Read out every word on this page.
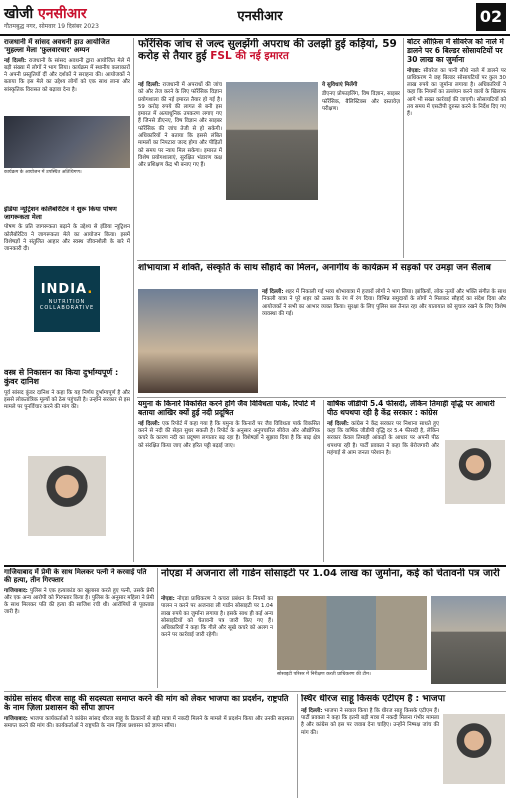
खोजी एनसीआर
गौतमबुद्ध नगर, सोमवार 19 दिसंबर 2023
एनसीआर	02
राजधानी में सांसद अवधनी हाउ आयोजित 'मुहल्ला मेला 'फ़ुलवारचार' अम्पन

नई दिल्ली: राजधानी के सांसद अवधनी द्वारा आयोजित मेले में बड़ी संख्या में लोगों ने भाग लिया। कार्यक्रम में स्थानीय कलाकारों ने अपनी प्रस्तुतियाँ दीं और दर्शकों ने सराहना की। आयोजकों ने बताया कि इस मेले का उद्देश्य लोगों को एक साथ लाना और सांस्कृतिक विरासत को बढ़ावा देना है।

कार्यक्रम के आयोजन में उपस्थित अतिथिगण।
इंडिया न्यूट्रिशन कोलैबोरेटिव ने शुरू किया पोषण जागरूकता मेला
पोषण के प्रति जागरूकता बढ़ाने के उद्देश्य से इंडिया न्यूट्रिशन कोलैबोरेटिव ने जागरूकता मेले का आयोजन किया। इसमें विशेषज्ञों ने संतुलित आहार और स्वस्थ जीवनशैली के बारे में जानकारी दी।
INDIA.
NUTRITION COLLABORATIVE
वस्त्र से निकासन का किया दुर्भाग्यपूर्ण : कुंवर दानिश
पूर्व सांसद कुंवर दानिश ने कहा कि यह निर्णय दुर्भाग्यपूर्ण है और इससे लोकतांत्रिक मूल्यों को ठेस पहुंचती है। उन्होंने सरकार से इस मामले पर पुनर्विचार करने की मांग की।
फॉरेंसिक जांच से जल्द सुलझेंगी अपराध की उलझी हुई कड़ियां, 59 करोड़ से तैयार हुई FSL की नई इमारत

नई दिल्ली: राजधानी में अपराधों की जांच को और तेज करने के लिए फॉरेंसिक विज्ञान प्रयोगशाला की नई इमारत तैयार हो गई है। 59 करोड़ रुपये की लागत से बनी इस इमारत में अत्याधुनिक उपकरण लगाए गए हैं जिनसे डीएनए, विष विज्ञान और साइबर फॉरेंसिक की जांच तेजी से हो सकेगी। अधिकारियों ने बताया कि इससे लंबित मामलों का निपटारा जल्द होगा और पीड़ितों को समय पर न्याय मिल सकेगा। इमारत में विशेष प्रयोगशालाएं, सुरक्षित भंडारण कक्ष और प्रशिक्षण केंद्र भी बनाए गए हैं।

ये सुविधाएं मिलेंगी

डीएनए प्रोफाइलिंग, विष विज्ञान, साइबर फॉरेंसिक, बैलिस्टिक्स और दस्तावेज़ परीक्षण।

बोटर ऑफ़िस में सीवरेज को नाले में डालने पर 6 बिल्डर सोसायटियों पर 30 लाख का जुर्माना

नोएडा: सीवरेज का पानी सीधे नाले में डालने पर प्राधिकरण ने छह बिल्डर सोसायटियों पर कुल 30 लाख रुपये का जुर्माना लगाया है। अधिकारियों ने कहा कि नियमों का उल्लंघन करने वालों के खिलाफ आगे भी सख्त कार्रवाई की जाएगी। सोसायटियों को तय समय में एसटीपी दुरुस्त करने के निर्देश दिए गए हैं।

शोभायात्रा में शक्ति, संस्कृति के साथ सौहार्द का मिलन, अनागीय के कार्यक्रम में सड़कों पर उमड़ा जन सैलाब

नई दिल्ली: शहर में निकाली गई भव्य शोभायात्रा में हजारों लोगों ने भाग लिया। झांकियों, लोक नृत्यों और भक्ति संगीत के साथ निकली यात्रा ने पूरे शहर को उत्सव के रंग में रंग दिया। विभिन्न समुदायों के लोगों ने मिलकर सौहार्द का संदेश दिया और आयोजकों ने सभी का आभार व्यक्त किया। सुरक्षा के लिए पुलिस बल तैनात रहा और यातायात को सुचारु रखने के लिए विशेष व्यवस्था की गई।

यमुना के किनारे विकसित करने होंगे जैव विविधता पार्क, रिपोर्ट में बताया आखिर क्यों हुई नदी प्रदूषित

नई दिल्ली: एक रिपोर्ट में कहा गया है कि यमुना के किनारों पर जैव विविधता पार्क विकसित करने से नदी की सेहत सुधर सकती है। रिपोर्ट के अनुसार अनुपचारित सीवेज और औद्योगिक कचरे के कारण नदी का प्रदूषण लगातार बढ़ रहा है। विशेषज्ञों ने सुझाव दिया है कि बाढ़ क्षेत्र को संरक्षित किया जाए और हरित पट्टी बढ़ाई जाए।

वार्षिक जीडीपी 5.4 फीसदी, लेकिन तिमाही वृद्धि पर आधारी पीठ थपथपा रही है केंद्र सरकार : कांग्रेस

नई दिल्ली: कांग्रेस ने केंद्र सरकार पर निशाना साधते हुए कहा कि वार्षिक जीडीपी वृद्धि दर 5.4 फीसदी है, लेकिन सरकार केवल तिमाही आंकड़ों के आधार पर अपनी पीठ थपथपा रही है। पार्टी प्रवक्ता ने कहा कि बेरोजगारी और महंगाई से आम जनता परेशान है।

गाजियाबाद में प्रेमी के साथ मिलकर पत्नी ने करवाई पति की हत्या, तीन गिरफ्तार

गाजियाबाद: पुलिस ने एक हत्याकांड का खुलासा करते हुए पत्नी, उसके प्रेमी और एक अन्य आरोपी को गिरफ्तार किया है। पुलिस के अनुसार महिला ने प्रेमी के साथ मिलकर पति की हत्या की साजिश रची थी। आरोपियों से पूछताछ जारी है।

नोएडा में अजनारा ली गार्डन सोसाइटी पर 1.04 लाख का जुर्माना, कई को चेतावनी पत्र जारी

नोएडा: नोएडा प्राधिकरण ने कचरा प्रबंधन के नियमों का पालन न करने पर अजनारा ली गार्डन सोसाइटी पर 1.04 लाख रुपये का जुर्माना लगाया है। इसके साथ ही कई अन्य सोसाइटियों को चेतावनी पत्र जारी किए गए हैं। अधिकारियों ने कहा कि गीले और सूखे कचरे को अलग न करने पर कार्रवाई जारी रहेगी।

सोसाइटी परिसर में निरीक्षण करती प्राधिकरण की टीम।
कांग्रेस सांसद धीरज साहू की सदस्यता समाप्त करने की मांग को लेकर भाजपा का प्रदर्शन, राष्ट्रपति के नाम ज़िला प्रशासन को सौंपा ज्ञापन

गाजियाबाद: भाजपा कार्यकर्ताओं ने कांग्रेस सांसद धीरज साहू के ठिकानों से बड़ी मात्रा में नकदी मिलने के मामले में प्रदर्शन किया और उनकी सदस्यता समाप्त करने की मांग की। कार्यकर्ताओं ने राष्ट्रपति के नाम ज़िला प्रशासन को ज्ञापन सौंपा।

स्थिर धीरज साहू किसके एटीएम हैं : भाजपा

नई दिल्ली: भाजपा ने सवाल किया है कि धीरज साहू किसके एटीएम हैं। पार्टी प्रवक्ता ने कहा कि इतनी बड़ी मात्रा में नकदी मिलना गंभीर मामला है और कांग्रेस को इस पर जवाब देना चाहिए। उन्होंने निष्पक्ष जांच की मांग की।
